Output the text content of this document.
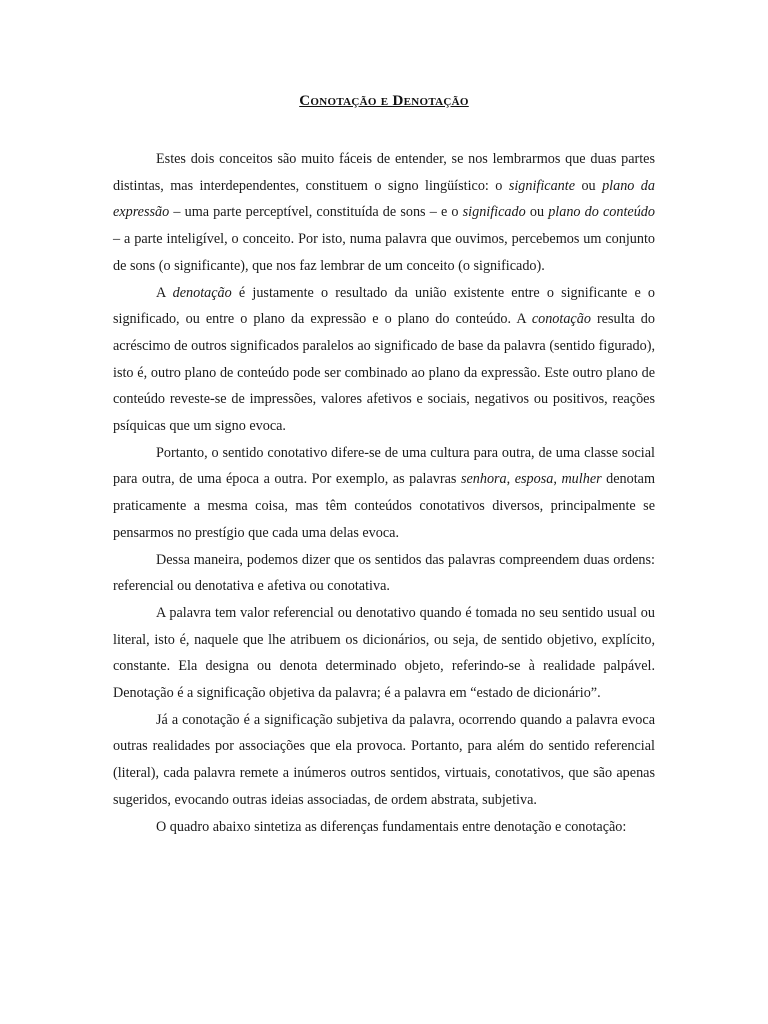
Conotação e Denotação

Estes dois conceitos são muito fáceis de entender, se nos lembrarmos que duas partes distintas, mas interdependentes, constituem o signo lingüístico: o significante ou plano da expressão – uma parte perceptível, constituída de sons – e o significado ou plano do conteúdo – a parte inteligível, o conceito. Por isto, numa palavra que ouvimos, percebemos um conjunto de sons (o significante), que nos faz lembrar de um conceito (o significado).

A denotação é justamente o resultado da união existente entre o significante e o significado, ou entre o plano da expressão e o plano do conteúdo. A conotação resulta do acréscimo de outros significados paralelos ao significado de base da palavra (sentido figurado), isto é, outro plano de conteúdo pode ser combinado ao plano da expressão. Este outro plano de conteúdo reveste-se de impressões, valores afetivos e sociais, negativos ou positivos, reações psíquicas que um signo evoca.

Portanto, o sentido conotativo difere-se de uma cultura para outra, de uma classe social para outra, de uma época a outra. Por exemplo, as palavras senhora, esposa, mulher denotam praticamente a mesma coisa, mas têm conteúdos conotativos diversos, principalmente se pensarmos no prestígio que cada uma delas evoca.

Dessa maneira, podemos dizer que os sentidos das palavras compreendem duas ordens: referencial ou denotativa e afetiva ou conotativa.

A palavra tem valor referencial ou denotativo quando é tomada no seu sentido usual ou literal, isto é, naquele que lhe atribuem os dicionários, ou seja, de sentido objetivo, explícito, constante. Ela designa ou denota determinado objeto, referindo-se à realidade palpável. Denotação é a significação objetiva da palavra; é a palavra em “estado de dicionário”.

Já a conotação é a significação subjetiva da palavra, ocorrendo quando a palavra evoca outras realidades por associações que ela provoca. Portanto, para além do sentido referencial (literal), cada palavra remete a inúmeros outros sentidos, virtuais, conotativos, que são apenas sugeridos, evocando outras ideias associadas, de ordem abstrata, subjetiva.

O quadro abaixo sintetiza as diferenças fundamentais entre denotação e conotação:
